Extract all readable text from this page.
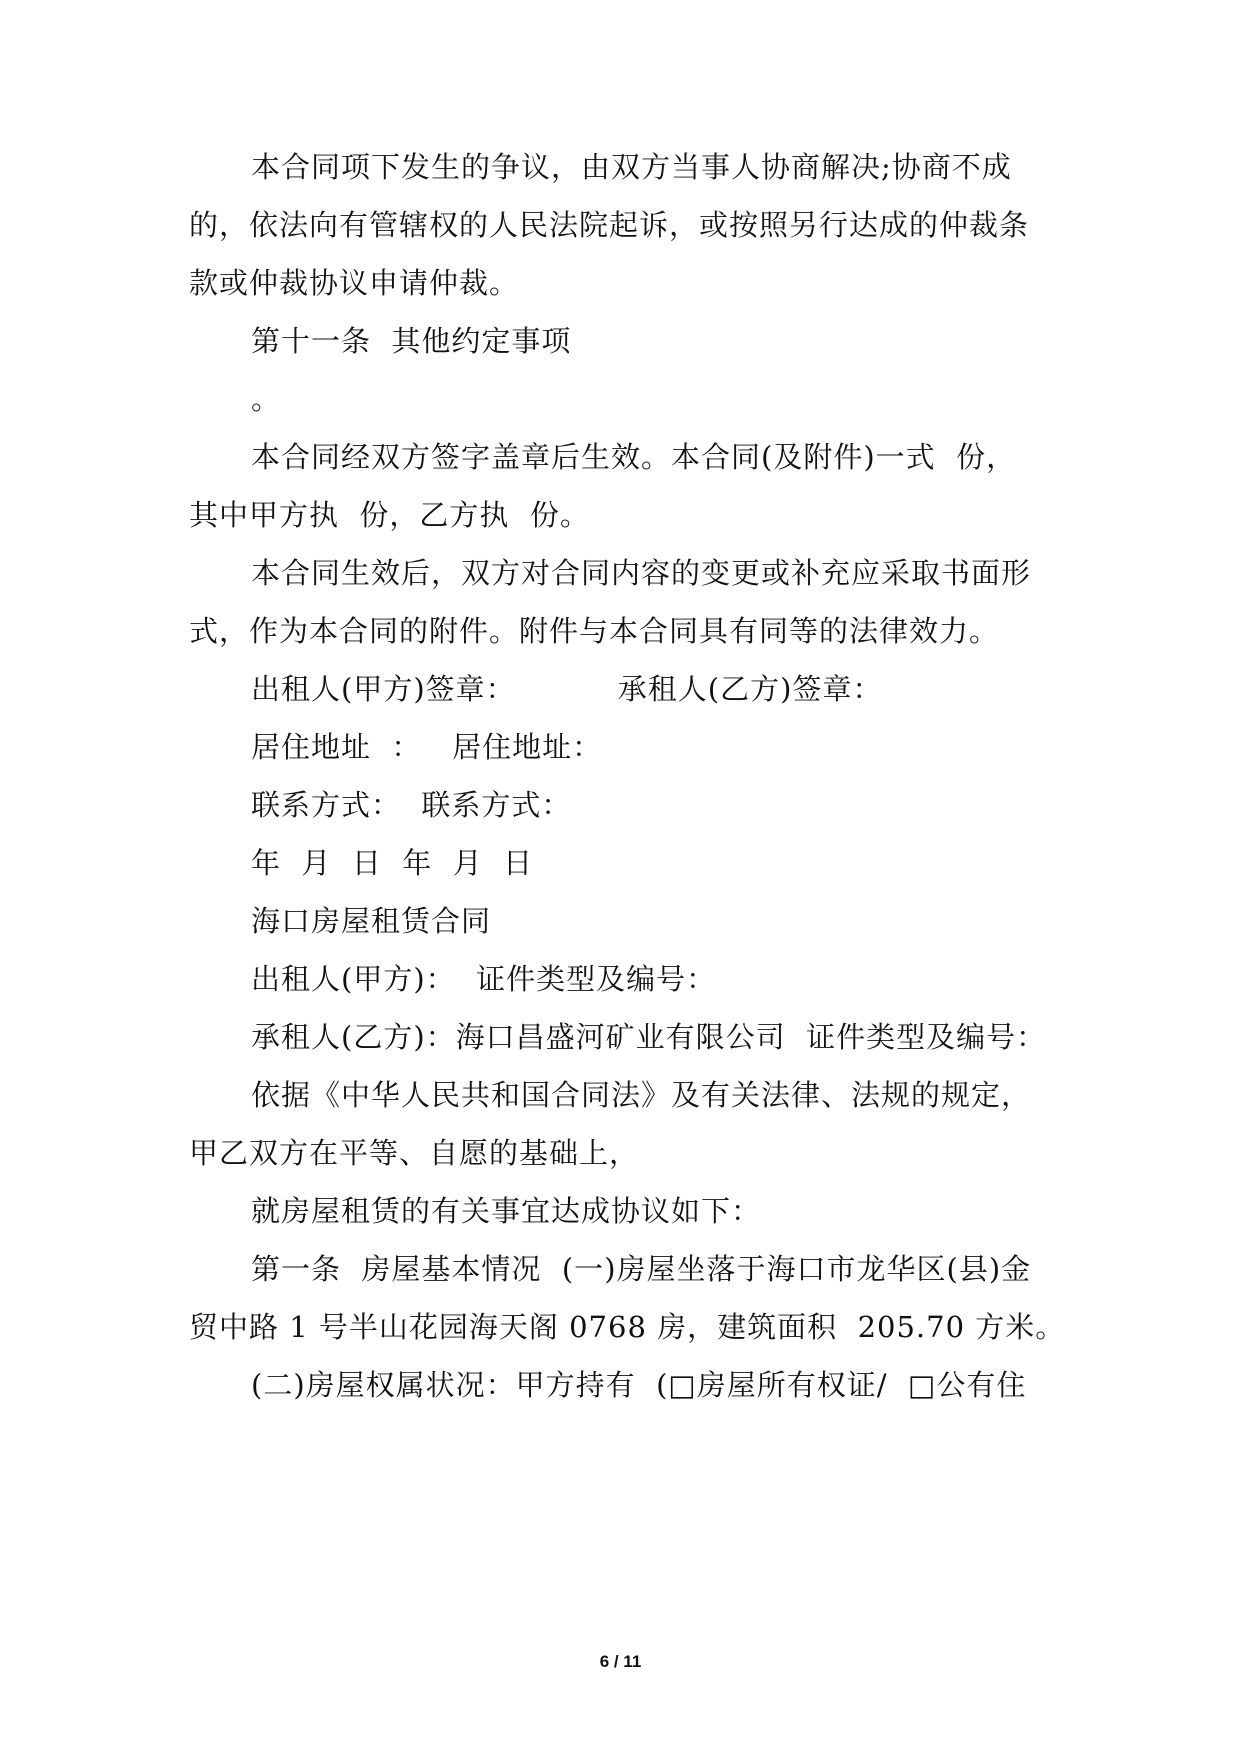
本合同项下发生的争议，由双方当事人协商解决;协商不成
的，依法向有管辖权的人民法院起诉，或按照另行达成的仲裁条
款或仲裁协议申请仲裁。
第十一条  其他约定事项
。
本合同经双方签字盖章后生效。本合同(及附件)一式  份，
其中甲方执  份，乙方执  份。
本合同生效后，双方对合同内容的变更或补充应采取书面形
式，作为本合同的附件。附件与本合同具有同等的法律效力。
出租人(甲方)签章：          承租人(乙方)签章：
居住地址  ：   居住地址：
联系方式：  联系方式：
年  月  日  年  月  日
海口房屋租赁合同
出租人(甲方)：  证件类型及编号：
承租人(乙方)：海口昌盛河矿业有限公司  证件类型及编号：
依据《中华人民共和国合同法》及有关法律、法规的规定，
甲乙双方在平等、自愿的基础上，
就房屋租赁的有关事宜达成协议如下：
第一条  房屋基本情况  (一)房屋坐落于海口市龙华区(县)金
贸中路 1 号半山花园海天阁 0768 房，建筑面积  205.70 方米。
(二)房屋权属状况：甲方持有  (□房屋所有权证/  □公有住
6 / 11
